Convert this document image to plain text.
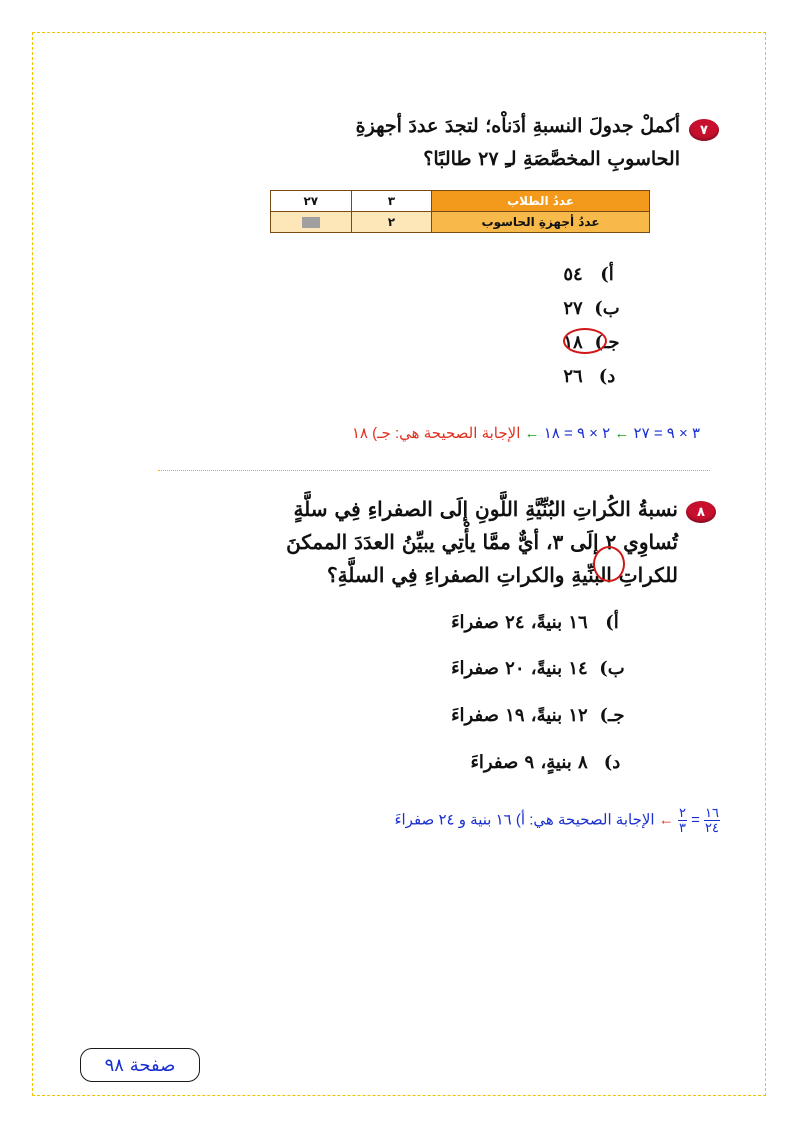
٧
أكملْ جدولَ النسبةِ أدَناْه؛ لتجدَ عددَ أجهزةِ
الحاسوبِ المخصَّصَةِ لـِ ٢٧ طالبًا؟
عددُ الطلاب	٣	٢٧
عددُ أجهزةِ الحاسوب	٢	
أ) ٥٤
ب) ٢٧
جـ) ١٨
د) ٢٦
٣ × ٩ = ٢٧ ← ٢ × ٩ = ١٨ ← الإجابة الصحيحة هي: جـ) ١٨
٨
نسبةُ الكُراتِ البُنِّيَّةِ اللَّونِ إلَى الصفراءِ فِي سلَّةٍ
تُساوِي ٢ إلَى ٣، أيٌّ ممَّا يأْتِي يبيِّنُ العدَدَ الممكنَ
للكراتِ البنِّيةِ والكراتِ الصفراءِ فِي السلَّةِ؟
أ) ١٦ بنيةً، ٢٤ صفراءَ
ب) ١٤ بنيةً، ٢٠ صفراءَ
جـ) ١٢ بنيةً، ١٩ صفراءَ
د) ٨ بنيةٍ، ٩ صفراءَ
$\frac{١٦}{٢٤}$
=
$\frac{٢}{٣}$
← الإجابة الصحيحة هي: أ) ١٦ بنية و ٢٤ صفراءَ
صفحة ٩٨
